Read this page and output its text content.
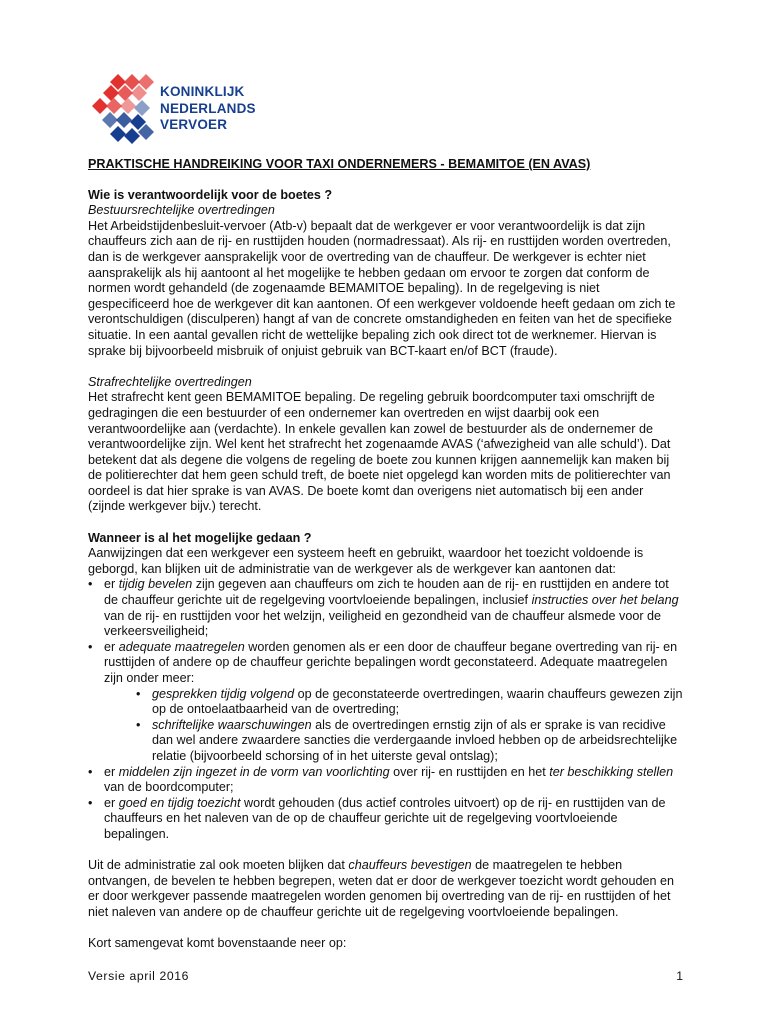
KONINKLIJK
NEDERLANDS
VERVOER

PRAKTISCHE HANDREIKING VOOR TAXI ONDERNEMERS - BEMAMITOE (EN AVAS)

Wie is verantwoordelijk voor de boetes ?

Bestuursrechtelijke overtredingen

Het Arbeidstijdenbesluit-vervoer (Atb-v) bepaalt dat de werkgever er voor verantwoordelijk is dat zijn chauffeurs zich aan de rij- en rusttijden houden (normadressaat). Als rij- en rusttijden worden overtreden, dan is de werkgever aansprakelijk voor de overtreding van de chauffeur. De werkgever is echter niet aansprakelijk als hij aantoont al het mogelijke te hebben gedaan om ervoor te zorgen dat conform de normen wordt gehandeld (de zogenaamde BEMAMITOE bepaling). In de regelgeving is niet gespecificeerd hoe de werkgever dit kan aantonen. Of een werkgever voldoende heeft gedaan om zich te verontschuldigen (disculperen) hangt af van de concrete omstandigheden en feiten van het de specifieke situatie. In een aantal gevallen richt de wettelijke bepaling zich ook direct tot de werknemer. Hiervan is sprake bij bijvoorbeeld misbruik of onjuist gebruik van BCT-kaart en/of BCT (fraude).

Strafrechtelijke overtredingen

Het strafrecht kent geen BEMAMITOE bepaling. De regeling gebruik boordcomputer taxi omschrijft de gedragingen die een bestuurder of een ondernemer kan overtreden en wijst daarbij ook een verantwoordelijke aan (verdachte). In enkele gevallen kan zowel de bestuurder als de ondernemer de verantwoordelijke zijn. Wel kent het strafrecht het zogenaamde AVAS (‘afwezigheid van alle schuld’). Dat betekent dat als degene die volgens de regeling de boete zou kunnen krijgen aannemelijk kan maken bij de politierechter dat hem geen schuld treft, de boete niet opgelegd kan worden mits de politierechter van oordeel is dat hier sprake is van AVAS. De boete komt dan overigens niet automatisch bij een ander (zijnde werkgever bijv.) terecht.

Wanneer is al het mogelijke gedaan ?

Aanwijzingen dat een werkgever een systeem heeft en gebruikt, waardoor het toezicht voldoende is geborgd, kan blijken uit de administratie van de werkgever als de werkgever kan aantonen dat:

• er tijdig bevelen zijn gegeven aan chauffeurs om zich te houden aan de rij- en rusttijden en andere tot de chauffeur gerichte uit de regelgeving voortvloeiende bepalingen, inclusief instructies over het belang van de rij- en rusttijden voor het welzijn, veiligheid en gezondheid van de chauffeur alsmede voor de verkeersveiligheid;
• er adequate maatregelen worden genomen als er een door de chauffeur begane overtreding van rij- en rusttijden of andere op de chauffeur gerichte bepalingen wordt geconstateerd. Adequate maatregelen zijn onder meer:
• gesprekken tijdig volgend op de geconstateerde overtredingen, waarin chauffeurs gewezen zijn op de ontoelaatbaarheid van de overtreding;
• schriftelijke waarschuwingen als de overtredingen ernstig zijn of als er sprake is van recidive dan wel andere zwaardere sancties die verdergaande invloed hebben op de arbeidsrechtelijke relatie (bijvoorbeeld schorsing of in het uiterste geval ontslag);
• er middelen zijn ingezet in de vorm van voorlichting over rij- en rusttijden en het ter beschikking stellen van de boordcomputer;
• er goed en tijdig toezicht wordt gehouden (dus actief controles uitvoert) op de rij- en rusttijden van de chauffeurs en het naleven van de op de chauffeur gerichte uit de regelgeving voortvloeiende bepalingen.

Uit de administratie zal ook moeten blijken dat chauffeurs bevestigen de maatregelen te hebben ontvangen, de bevelen te hebben begrepen, weten dat er door de werkgever toezicht wordt gehouden en er door werkgever passende maatregelen worden genomen bij overtreding van de rij- en rusttijden of het niet naleven van andere op de chauffeur gerichte uit de regelgeving voortvloeiende bepalingen.

Kort samengevat komt bovenstaande neer op:

Versie april 2016	1
